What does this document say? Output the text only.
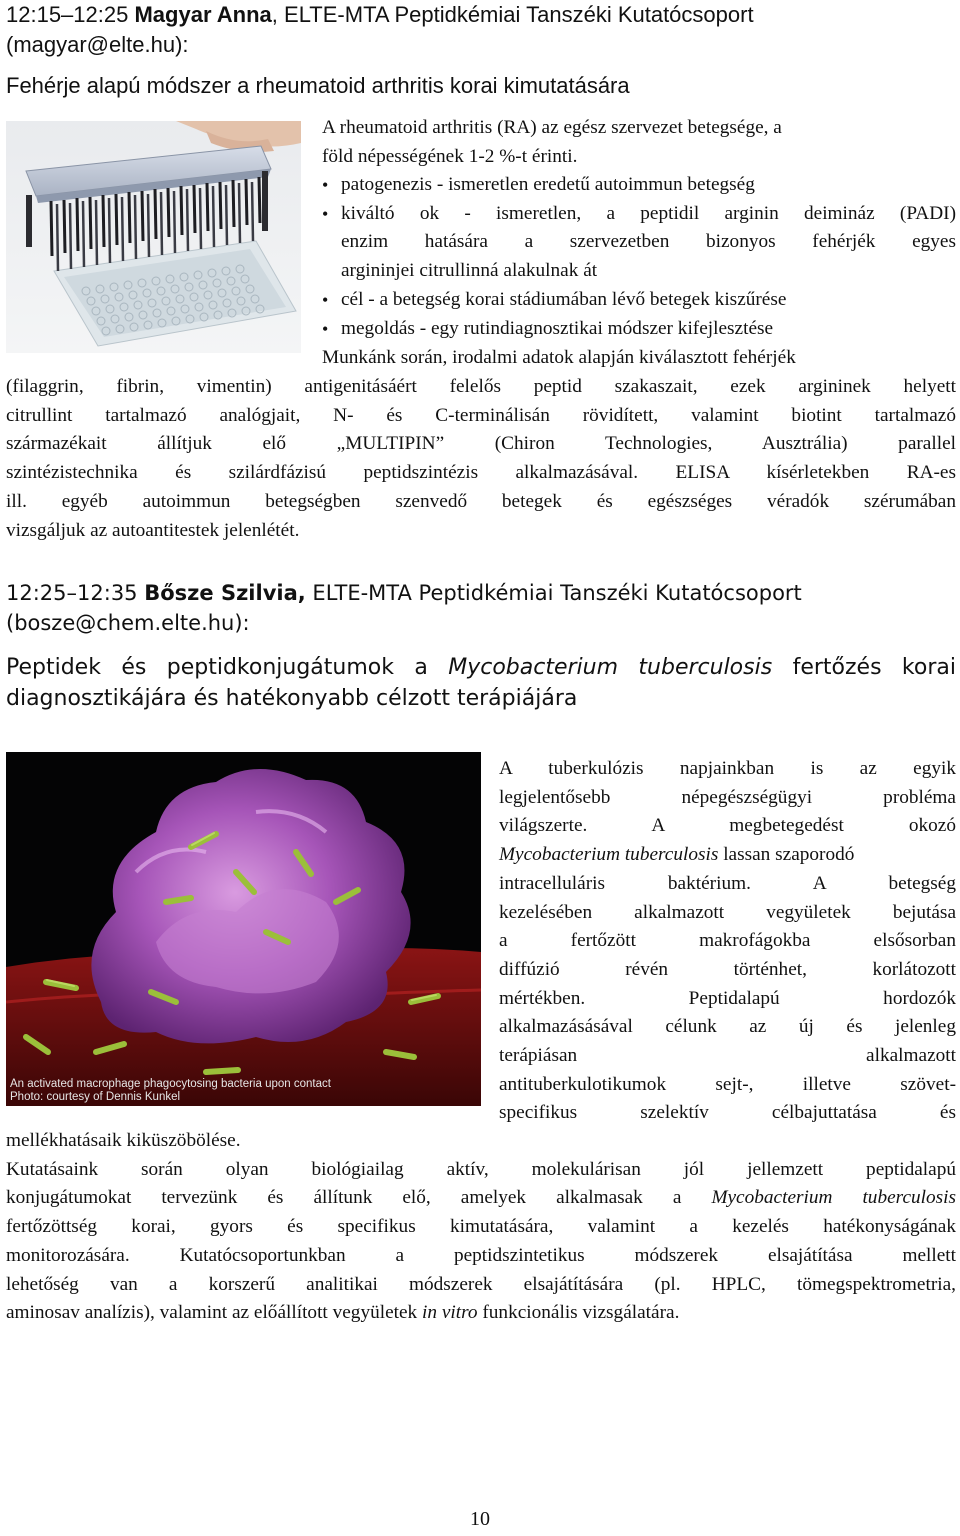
12:15–12:25 Magyar Anna, ELTE-MTA Peptidkémiai Tanszéki Kutatócsoport
(magyar@elte.hu):
Fehérje alapú módszer a rheumatoid arthritis korai kimutatására
A rheumatoid arthritis (RA) az egész szervezet betegsége, a
föld népességének 1-2 %-t érinti.
• patogenezis - ismeretlen eredetű autoimmun betegség
• kiváltó ok - ismeretlen, a peptidil arginin deimináz (PADI)
enzim hatására a szervezetben bizonyos fehérjék egyes
argininjei citrullinná alakulnak át
• cél - a betegség korai stádiumában lévő betegek kiszűrése
• megoldás - egy rutindiagnosztikai módszer kifejlesztése
Munkánk során, irodalmi adatok alapján kiválasztott fehérjék
(filaggrin, fibrin, vimentin) antigenitásáért felelős peptid szakaszait, ezek argininek helyett
citrullint tartalmazó analógjait, N- és C-terminálisán rövidített, valamint biotint tartalmazó
származékait állítjuk elő „MULTIPIN” (Chiron Technologies, Ausztrália) parallel
szintézistechnika és szilárdfázisú peptidszintézis alkalmazásával. ELISA kísérletekben RA-es
ill. egyéb autoimmun betegségben szenvedő betegek és egészséges véradók szérumában
vizsgáljuk az autoantitestek jelenlétét.
12:25–12:35 Bősze Szilvia, ELTE-MTA Peptidkémiai Tanszéki Kutatócsoport
(bosze@chem.elte.hu):
Peptidek és peptidkonjugátumok a Mycobacterium tuberculosis fertőzés korai
diagnosztikájára és hatékonyabb célzott terápiájára
An activated macrophage phagocytosing bacteria upon contact
Photo: courtesy of Dennis Kunkel
A tuberkulózis napjainkban is az egyik
legjelentősebb népegészségügyi probléma
világszerte. A megbetegedést okozó
Mycobacterium tuberculosis lassan szaporodó
intracelluláris baktérium. A betegség
kezelésében alkalmazott vegyületek bejutása
a fertőzött makrofágokba elsősorban
diffúzió révén történhet, korlátozott
mértékben. Peptidalapú hordozók
alkalmazásásával célunk az új és jelenleg
terápiásan alkalmazott
antituberkulotikumok sejt-, illetve szövet-
specifikus szelektív célbajuttatása és
mellékhatásaik kiküszöbölése.
Kutatásaink során olyan biológiailag aktív, molekulárisan jól jellemzett peptidalapú
konjugátumokat tervezünk és állítunk elő, amelyek alkalmasak a Mycobacterium tuberculosis
fertőzöttség korai, gyors és specifikus kimutatására, valamint a kezelés hatékonyságának
monitorozására. Kutatócsoportunkban a peptidszintetikus módszerek elsajátítása mellett
lehetőség van a korszerű analitikai módszerek elsajátítására (pl. HPLC, tömegspektrometria,
aminosav analízis), valamint az előállított vegyületek in vitro funkcionális vizsgálatára.
10
